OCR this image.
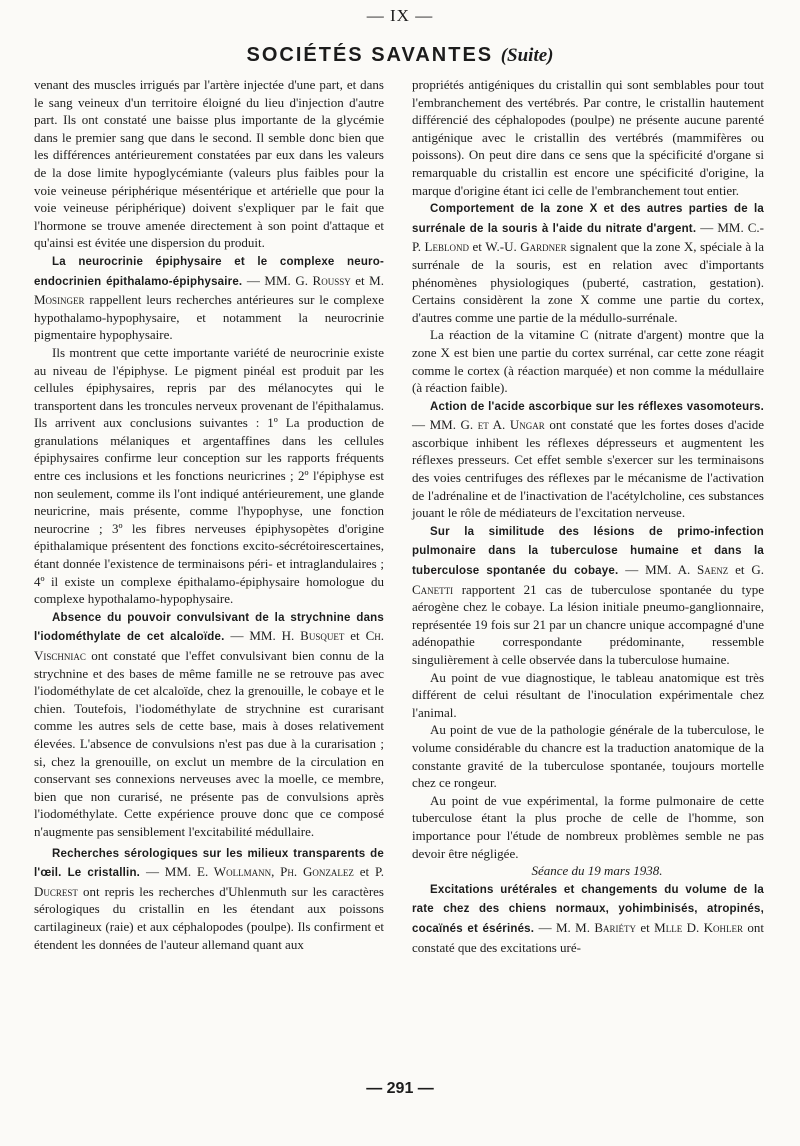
— IX —
SOCIÉTÉS SAVANTES (Suite)

venant des muscles irrigués par l'artère injectée d'une part, et dans le sang veineux d'un territoire éloigné du lieu d'injection d'autre part. Ils ont constaté une baisse plus importante de la glycémie dans le premier sang que dans le second. Il semble donc bien que les différences antérieurement constatées par eux dans les valeurs de la dose limite hypoglycémiante (valeurs plus faibles pour la voie veineuse périphérique mésentérique et artérielle que pour la voie veineuse périphérique) doivent s'expliquer par le fait que l'hormone se trouve amenée directement à son point d'attaque et qu'ainsi est évitée une dispersion du produit.

La neurocrinie épiphysaire et le complexe neuro-endocrinien épithalamo-épiphysaire. — MM. G. Roussy et M. Mosinger rappellent leurs recherches antérieures sur le complexe hypothalamo-hypophysaire, et notamment la neurocrinie pigmentaire hypophysaire.

Ils montrent que cette importante variété de neurocrinie existe au niveau de l'épiphyse. Le pigment pinéal est produit par les cellules épiphysaires, repris par des mélanocytes qui le transportent dans les troncules nerveux provenant de l'épithalamus. Ils arrivent aux conclusions suivantes : 1º La production de granulations mélaniques et argentaffines dans les cellules épiphysaires confirme leur conception sur les rapports fréquents entre ces inclusions et les fonctions neuricrines ; 2º l'épiphyse est non seulement, comme ils l'ont indiqué antérieurement, une glande neuricrine, mais présente, comme l'hypophyse, une fonction neurocrine ; 3º les fibres nerveuses épiphysopètes d'origine épithalamique présentent des fonctions excito-sécrétoirescertaines, étant donnée l'existence de terminaisons péri- et intraglandulaires ; 4º il existe un complexe épithalamo-épiphysaire homologue du complexe hypothalamo-hypophysaire.

Absence du pouvoir convulsivant de la strychnine dans l'iodométhylate de cet alcaloïde. — MM. H. Busquet et Ch. Vischniac ont constaté que l'effet convulsivant bien connu de la strychnine et des bases de même famille ne se retrouve pas avec l'iodométhylate de cet alcaloïde, chez la grenouille, le cobaye et le chien. Toutefois, l'iodométhylate de strychnine est curarisant comme les autres sels de cette base, mais à doses relativement élevées. L'absence de convulsions n'est pas due à la curarisation ; si, chez la grenouille, on exclut un membre de la circulation en conservant ses connexions nerveuses avec la moelle, ce membre, bien que non curarisé, ne présente pas de convulsions après l'iodométhylate. Cette expérience prouve donc que ce composé n'augmente pas sensiblement l'excitabilité médullaire.

Recherches sérologiques sur les milieux transparents de l'œil. Le cristallin. — MM. E. Wollmann, Ph. Gonzalez et P. Ducrest ont repris les recherches d'Uhlenmuth sur les caractères sérologiques du cristallin en les étendant aux poissons cartilagineux (raie) et aux céphalopodes (poulpe). Ils confirment et étendent les données de l'auteur allemand quant aux

propriétés antigéniques du cristallin qui sont semblables pour tout l'embranchement des vertébrés. Par contre, le cristallin hautement différencié des céphalopodes (poulpe) ne présente aucune parenté antigénique avec le cristallin des vertébrés (mammifères ou poissons). On peut dire dans ce sens que la spécificité d'organe si remarquable du cristallin est encore une spécificité d'origine, la marque d'origine étant ici celle de l'embranchement tout entier.

Comportement de la zone X et des autres parties de la surrénale de la souris à l'aide du nitrate d'argent. — MM. C.-P. Leblond et W.-U. Gardner signalent que la zone X, spéciale à la surrénale de la souris, est en relation avec d'importants phénomènes physiologiques (puberté, castration, gestation). Certains considèrent la zone X comme une partie du cortex, d'autres comme une partie de la médullo-surrénale.

La réaction de la vitamine C (nitrate d'argent) montre que la zone X est bien une partie du cortex surrénal, car cette zone réagit comme le cortex (à réaction marquée) et non comme la médullaire (à réaction faible).

Action de l'acide ascorbique sur les réflexes vasomoteurs. — MM. G. et A. Ungar ont constaté que les fortes doses d'acide ascorbique inhibent les réflexes dépresseurs et augmentent les réflexes presseurs. Cet effet semble s'exercer sur les terminaisons des voies centrifuges des réflexes par le mécanisme de l'activation de l'adrénaline et de l'inactivation de l'acétylcholine, ces substances jouant le rôle de médiateurs de l'excitation nerveuse.

Sur la similitude des lésions de primo-infection pulmonaire dans la tuberculose humaine et dans la tuberculose spontanée du cobaye. — MM. A. Saenz et G. Canetti rapportent 21 cas de tuberculose spontanée du type aérogène chez le cobaye. La lésion initiale pneumo-ganglionnaire, représentée 19 fois sur 21 par un chancre unique accompagné d'une adénopathie correspondante prédominante, ressemble singulièrement à celle observée dans la tuberculose humaine.

Au point de vue diagnostique, le tableau anatomique est très différent de celui résultant de l'inoculation expérimentale chez l'animal.

Au point de vue de la pathologie générale de la tuberculose, le volume considérable du chancre est la traduction anatomique de la constante gravité de la tuberculose spontanée, toujours mortelle chez ce rongeur.

Au point de vue expérimental, la forme pulmonaire de cette tuberculose étant la plus proche de celle de l'homme, son importance pour l'étude de nombreux problèmes semble ne pas devoir être négligée.

Séance du 19 mars 1938.

Excitations urétérales et changements du volume de la rate chez des chiens normaux, yohimbinisés, atropinés, cocaïnés et ésérinés. — M. M. Bariéty et Mlle D. Kohler ont constaté que des excitations uré-

— 291 —
